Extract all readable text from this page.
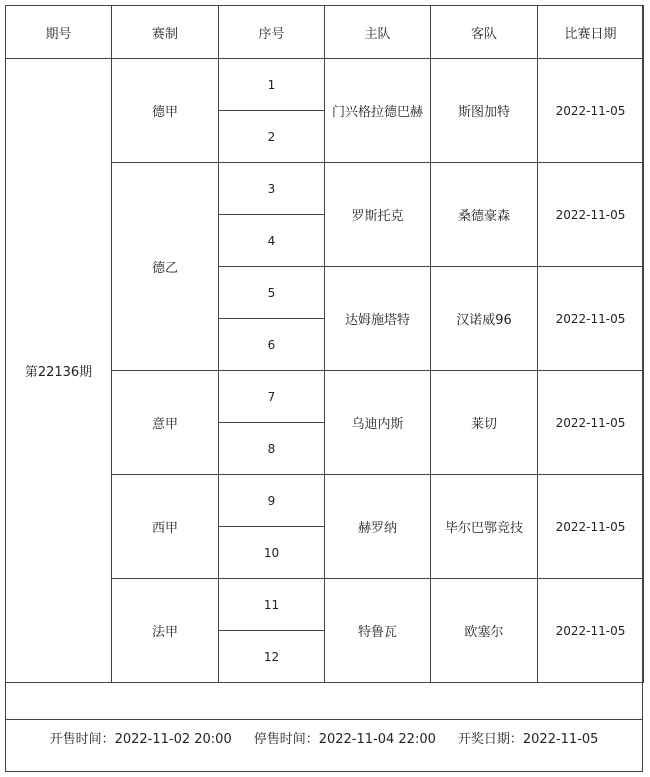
期号	赛制	序号	主队	客队	比赛日期
第22136期	德甲	1	门兴格拉德巴赫	斯图加特	2022-11-05
		2			
	德乙	3	罗斯托克	桑德豪森	2022-11-05
		4			
		5	达姆施塔特	汉诺威96	2022-11-05
		6			
	意甲	7	乌迪内斯	莱切	2022-11-05
		8			
	西甲	9	赫罗纳	毕尔巴鄂竞技	2022-11-05
		10			
	法甲	11	特鲁瓦	欧塞尔	2022-11-05
		12			
开售时间：2022-11-02 20:00 停售时间：2022-11-04 22:00 开奖日期：2022-11-05
